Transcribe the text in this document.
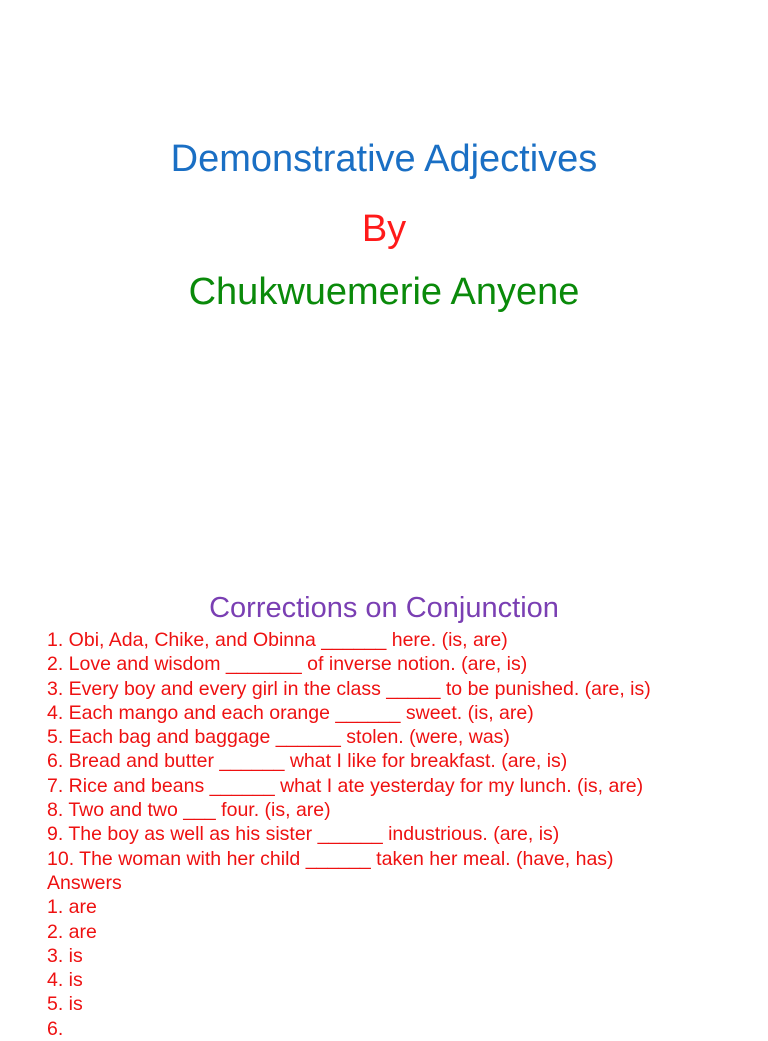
Demonstrative Adjectives
By
Chukwuemerie Anyene
Corrections on Conjunction
1. Obi, Ada, Chike, and Obinna ______ here. (is, are)
2. Love and wisdom _______ of inverse notion. (are, is)
3. Every boy and every girl in the class _____ to be punished. (are, is)
4. Each mango and each orange ______ sweet. (is, are)
5. Each bag and baggage ______ stolen. (were, was)
6. Bread and butter ______ what I like for breakfast. (are, is)
7. Rice and beans ______ what I ate yesterday for my lunch. (is, are)
8. Two and two ___ four. (is, are)
9. The boy as well as his sister ______ industrious. (are, is)
10. The woman with her child ______ taken her meal. (have, has)
Answers
1. are
2. are
3. is
4. is
5. is
6.
